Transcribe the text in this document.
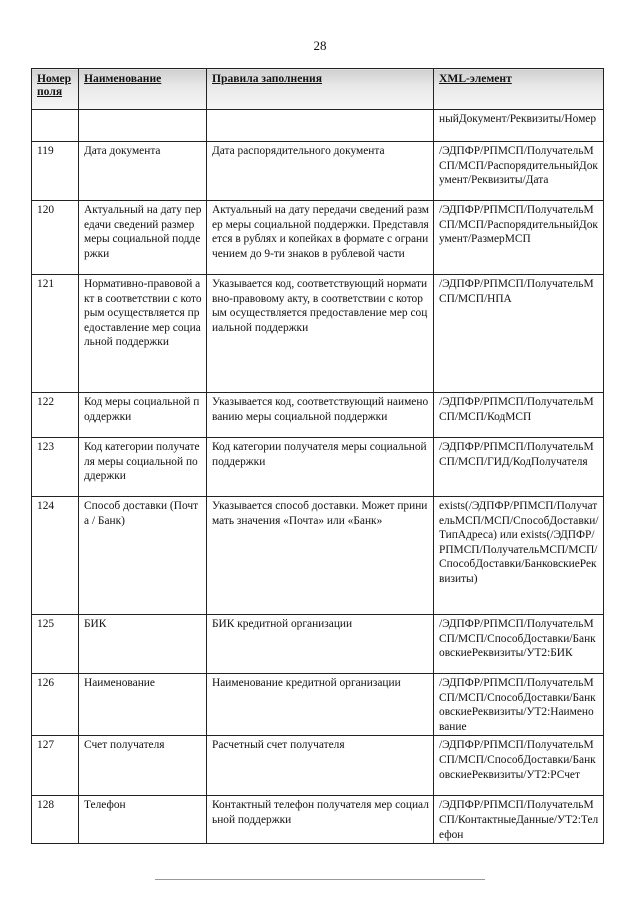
28
Номер поля	Наименование	Правила заполнения	XML-элемент
			ныйДокумент/Реквизиты/Номер
119	Дата документа	Дата распорядительного документа	/ЭДПФР/РПМСП/ПолучательМСП/МСП/РаспорядительныйДокумент/Реквизиты/Дата
120	Актуальный на дату передачи сведений размер меры социальной поддержки	Актуальный на дату передачи сведений размер меры социальной поддержки. Представляется в рублях и копейках в формате с ограничением до 9-ти знаков в рублевой части	/ЭДПФР/РПМСП/ПолучательМСП/МСП/РаспорядительныйДокумент/РазмерМСП
121	Нормативно-правовой акт в соответствии с которым осуществляется предоставление мер социальной поддержки	Указывается код, соответствующий нормативно-правовому акту, в соответствии с которым осуществляется предоставление мер социальной поддержки	/ЭДПФР/РПМСП/ПолучательМСП/МСП/НПА
122	Код меры социальной поддержки	Указывается код, соответствующий наименованию меры социальной поддержки	/ЭДПФР/РПМСП/ПолучательМСП/МСП/КодМСП
123	Код категории получателя меры социальной поддержки	Код категории получателя меры социальной поддержки	/ЭДПФР/РПМСП/ПолучательМСП/МСП/ГИД/КодПолучателя
124	Способ доставки (Почта / Банк)	Указывается способ доставки. Может принимать значения «Почта» или «Банк»	exists(/ЭДПФР/РПМСП/ПолучательМСП/МСП/СпособДоставки/ТипАдреса) или exists(/ЭДПФР/РПМСП/ПолучательМСП/МСП/СпособДоставки/БанковскиеРеквизиты)
125	БИК	БИК кредитной организации	/ЭДПФР/РПМСП/ПолучательМСП/МСП/СпособДоставки/БанковскиеРеквизиты/УТ2:БИК
126	Наименование	Наименование кредитной организации	/ЭДПФР/РПМСП/ПолучательМСП/МСП/СпособДоставки/БанковскиеРеквизиты/УТ2:Наименование
127	Счет получателя	Расчетный счет получателя	/ЭДПФР/РПМСП/ПолучательМСП/МСП/СпособДоставки/БанковскиеРеквизиты/УТ2:РСчет
128	Телефон	Контактный телефон получателя мер социальной поддержки	/ЭДПФР/РПМСП/ПолучательМСП/КонтактныеДанные/УТ2:Телефон
